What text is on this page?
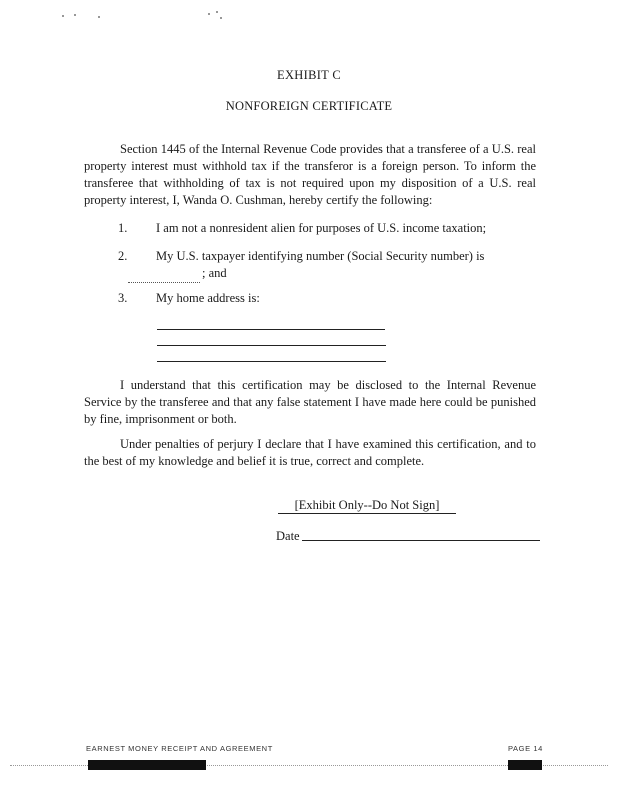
EXHIBIT C
NONFOREIGN CERTIFICATE

Section 1445 of the Internal Revenue Code provides that a transferee of a U.S. real property interest must withhold tax if the transferor is a foreign person. To inform the transferee that withholding of tax is not required upon my disposition of a U.S. real property interest, I, Wanda O. Cushman, hereby certify the following:

1. I am not a nonresident alien for purposes of U.S. income taxation;
2. My U.S. taxpayer identifying number (Social Security number) is
; and
3. My home address is:

I understand that this certification may be disclosed to the Internal Revenue Service by the transferee and that any false statement I have made here could be punished by fine, imprisonment or both.

Under penalties of perjury I declare that I have examined this certification, and to the best of my knowledge and belief it is true, correct and complete.

[Exhibit Only--Do Not Sign]
Date
EARNEST MONEY RECEIPT AND AGREEMENT	PAGE 14
